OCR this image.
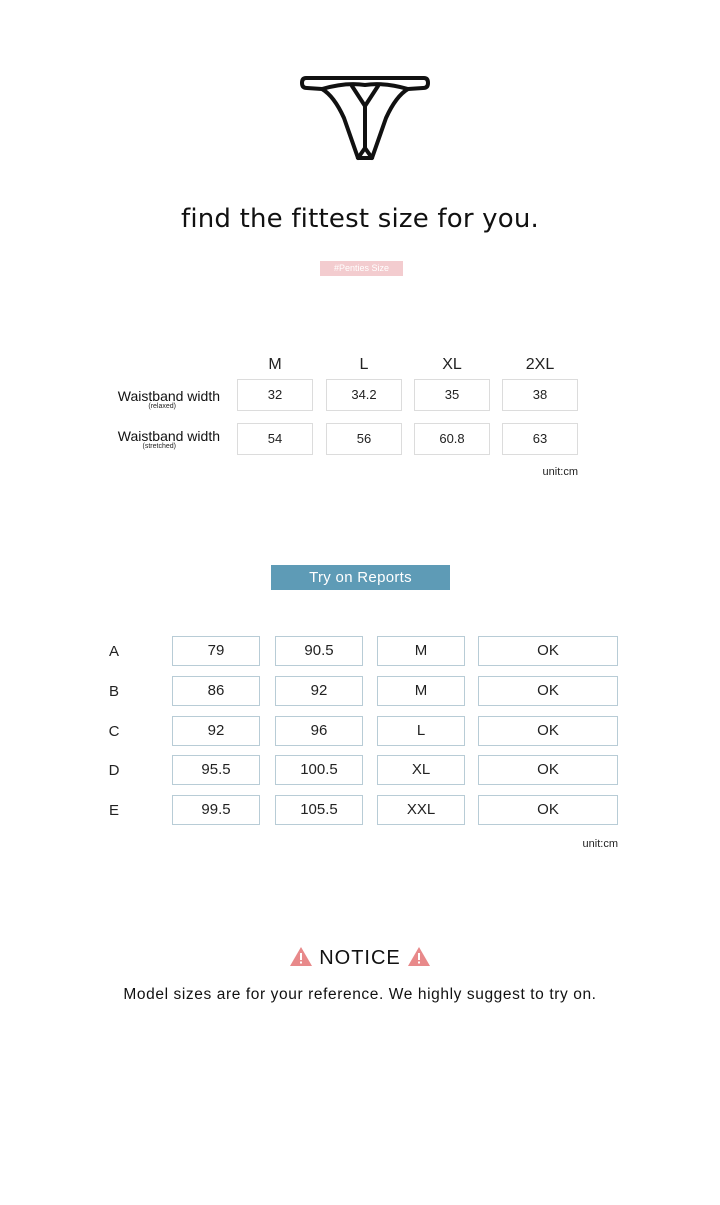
find the fittest size for you.
#Penties Size
M	L	XL	2XL
Waistband width
(relaxed)
32	34.2	35	38
Waistband width
(stretched)
54	56	60.8	63
unit:cm
Try on Reports
A	79	90.5	M	OK
B	86	92	M	OK
C	92	96	L	OK
D	95.5	100.5	XL	OK
E	99.5	105.5	XXL	OK
unit:cm
NOTICE
Model sizes are for your reference. We highly suggest to try on.
